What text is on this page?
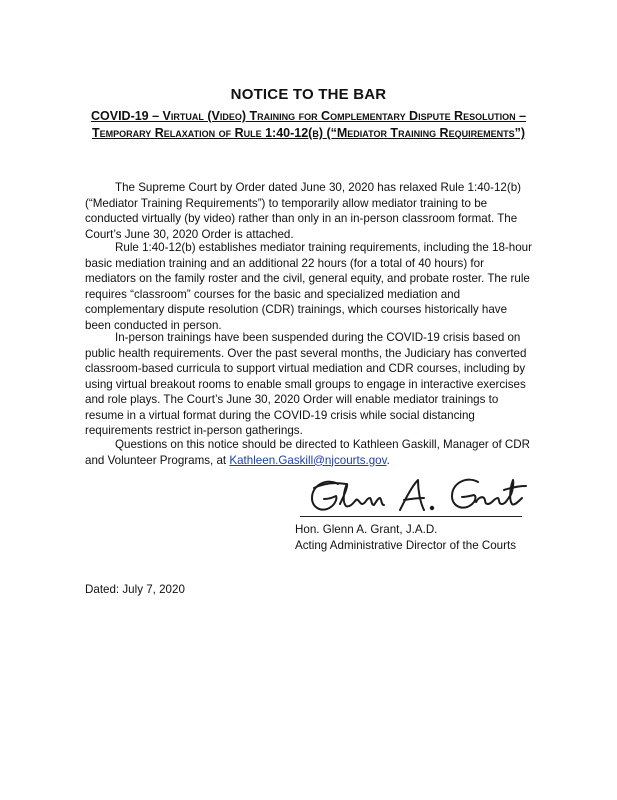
NOTICE TO THE BAR
COVID-19 – Virtual (Video) Training for Complementary Dispute Resolution – Temporary Relaxation of Rule 1:40-12(b) (“Mediator Training Requirements”)

The Supreme Court by Order dated June 30, 2020 has relaxed Rule 1:40-12(b) (“Mediator Training Requirements”) to temporarily allow mediator training to be conducted virtually (by video) rather than only in an in-person classroom format. The Court’s June 30, 2020 Order is attached.

Rule 1:40-12(b) establishes mediator training requirements, including the 18-hour basic mediation training and an additional 22 hours (for a total of 40 hours) for mediators on the family roster and the civil, general equity, and probate roster. The rule requires “classroom” courses for the basic and specialized mediation and complementary dispute resolution (CDR) trainings, which courses historically have been conducted in person.

In-person trainings have been suspended during the COVID-19 crisis based on public health requirements. Over the past several months, the Judiciary has converted classroom-based curricula to support virtual mediation and CDR courses, including by using virtual breakout rooms to enable small groups to engage in interactive exercises and role plays. The Court’s June 30, 2020 Order will enable mediator trainings to resume in a virtual format during the COVID-19 crisis while social distancing requirements restrict in-person gatherings.

Questions on this notice should be directed to Kathleen Gaskill, Manager of CDR and Volunteer Programs, at Kathleen.Gaskill@njcourts.gov.

Hon. Glenn A. Grant, J.A.D.
Acting Administrative Director of the Courts
Dated: July 7, 2020
